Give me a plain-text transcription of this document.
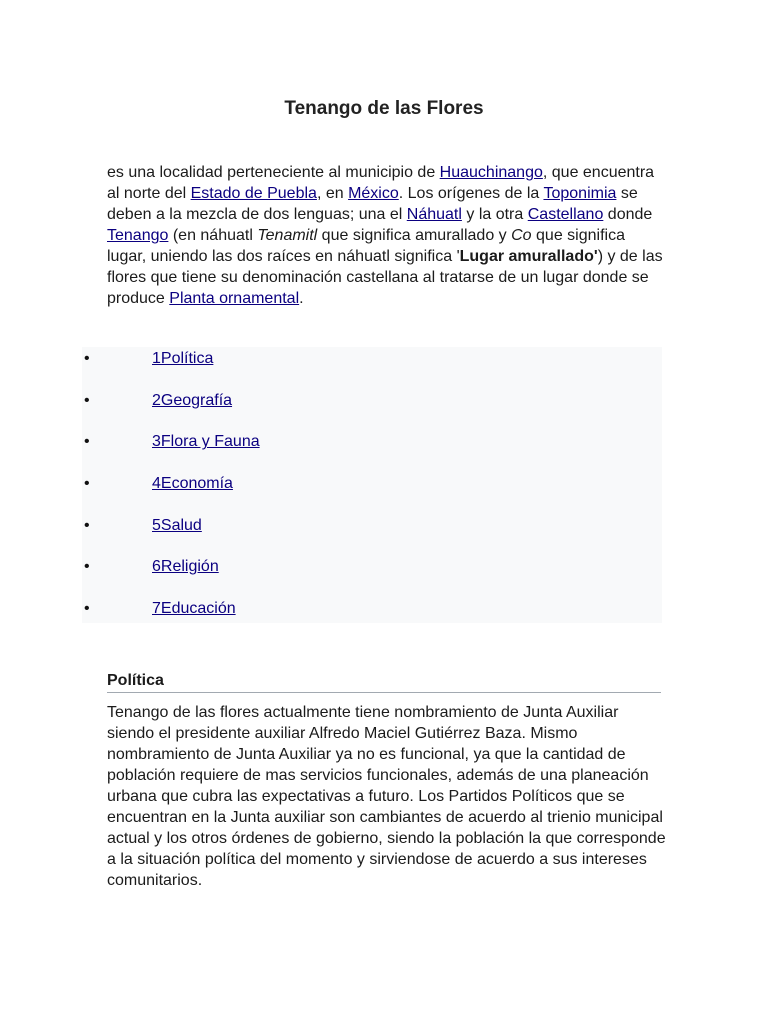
Tenango de las Flores

es una localidad perteneciente al municipio de Huauchinango, que encuentra al norte del Estado de Puebla, en México. Los orígenes de la Toponimia se deben a la mezcla de dos lenguas; una el Náhuatl y la otra Castellano donde Tenango (en náhuatl Tenamitl que significa amurallado y Co que significa lugar, uniendo las dos raíces en náhuatl significa 'Lugar amurallado') y de las flores que tiene su denominación castellana al tratarse de un lugar donde se produce Planta ornamental.

•	1Política
•	2Geografía
•	3Flora y Fauna
•	4Economía
•	5Salud
•	6Religión
•	7Educación
Política

Tenango de las flores actualmente tiene nombramiento de Junta Auxiliar siendo el presidente auxiliar Alfredo Maciel Gutiérrez Baza. Mismo nombramiento de Junta Auxiliar ya no es funcional, ya que la cantidad de población requiere de mas servicios funcionales, además de una planeación urbana que cubra las expectativas a futuro. Los Partidos Políticos que se encuentran en la Junta auxiliar son cambiantes de acuerdo al trienio municipal actual y los otros órdenes de gobierno, siendo la población la que corresponde a la situación política del momento y sirviendose de acuerdo a sus intereses comunitarios.
